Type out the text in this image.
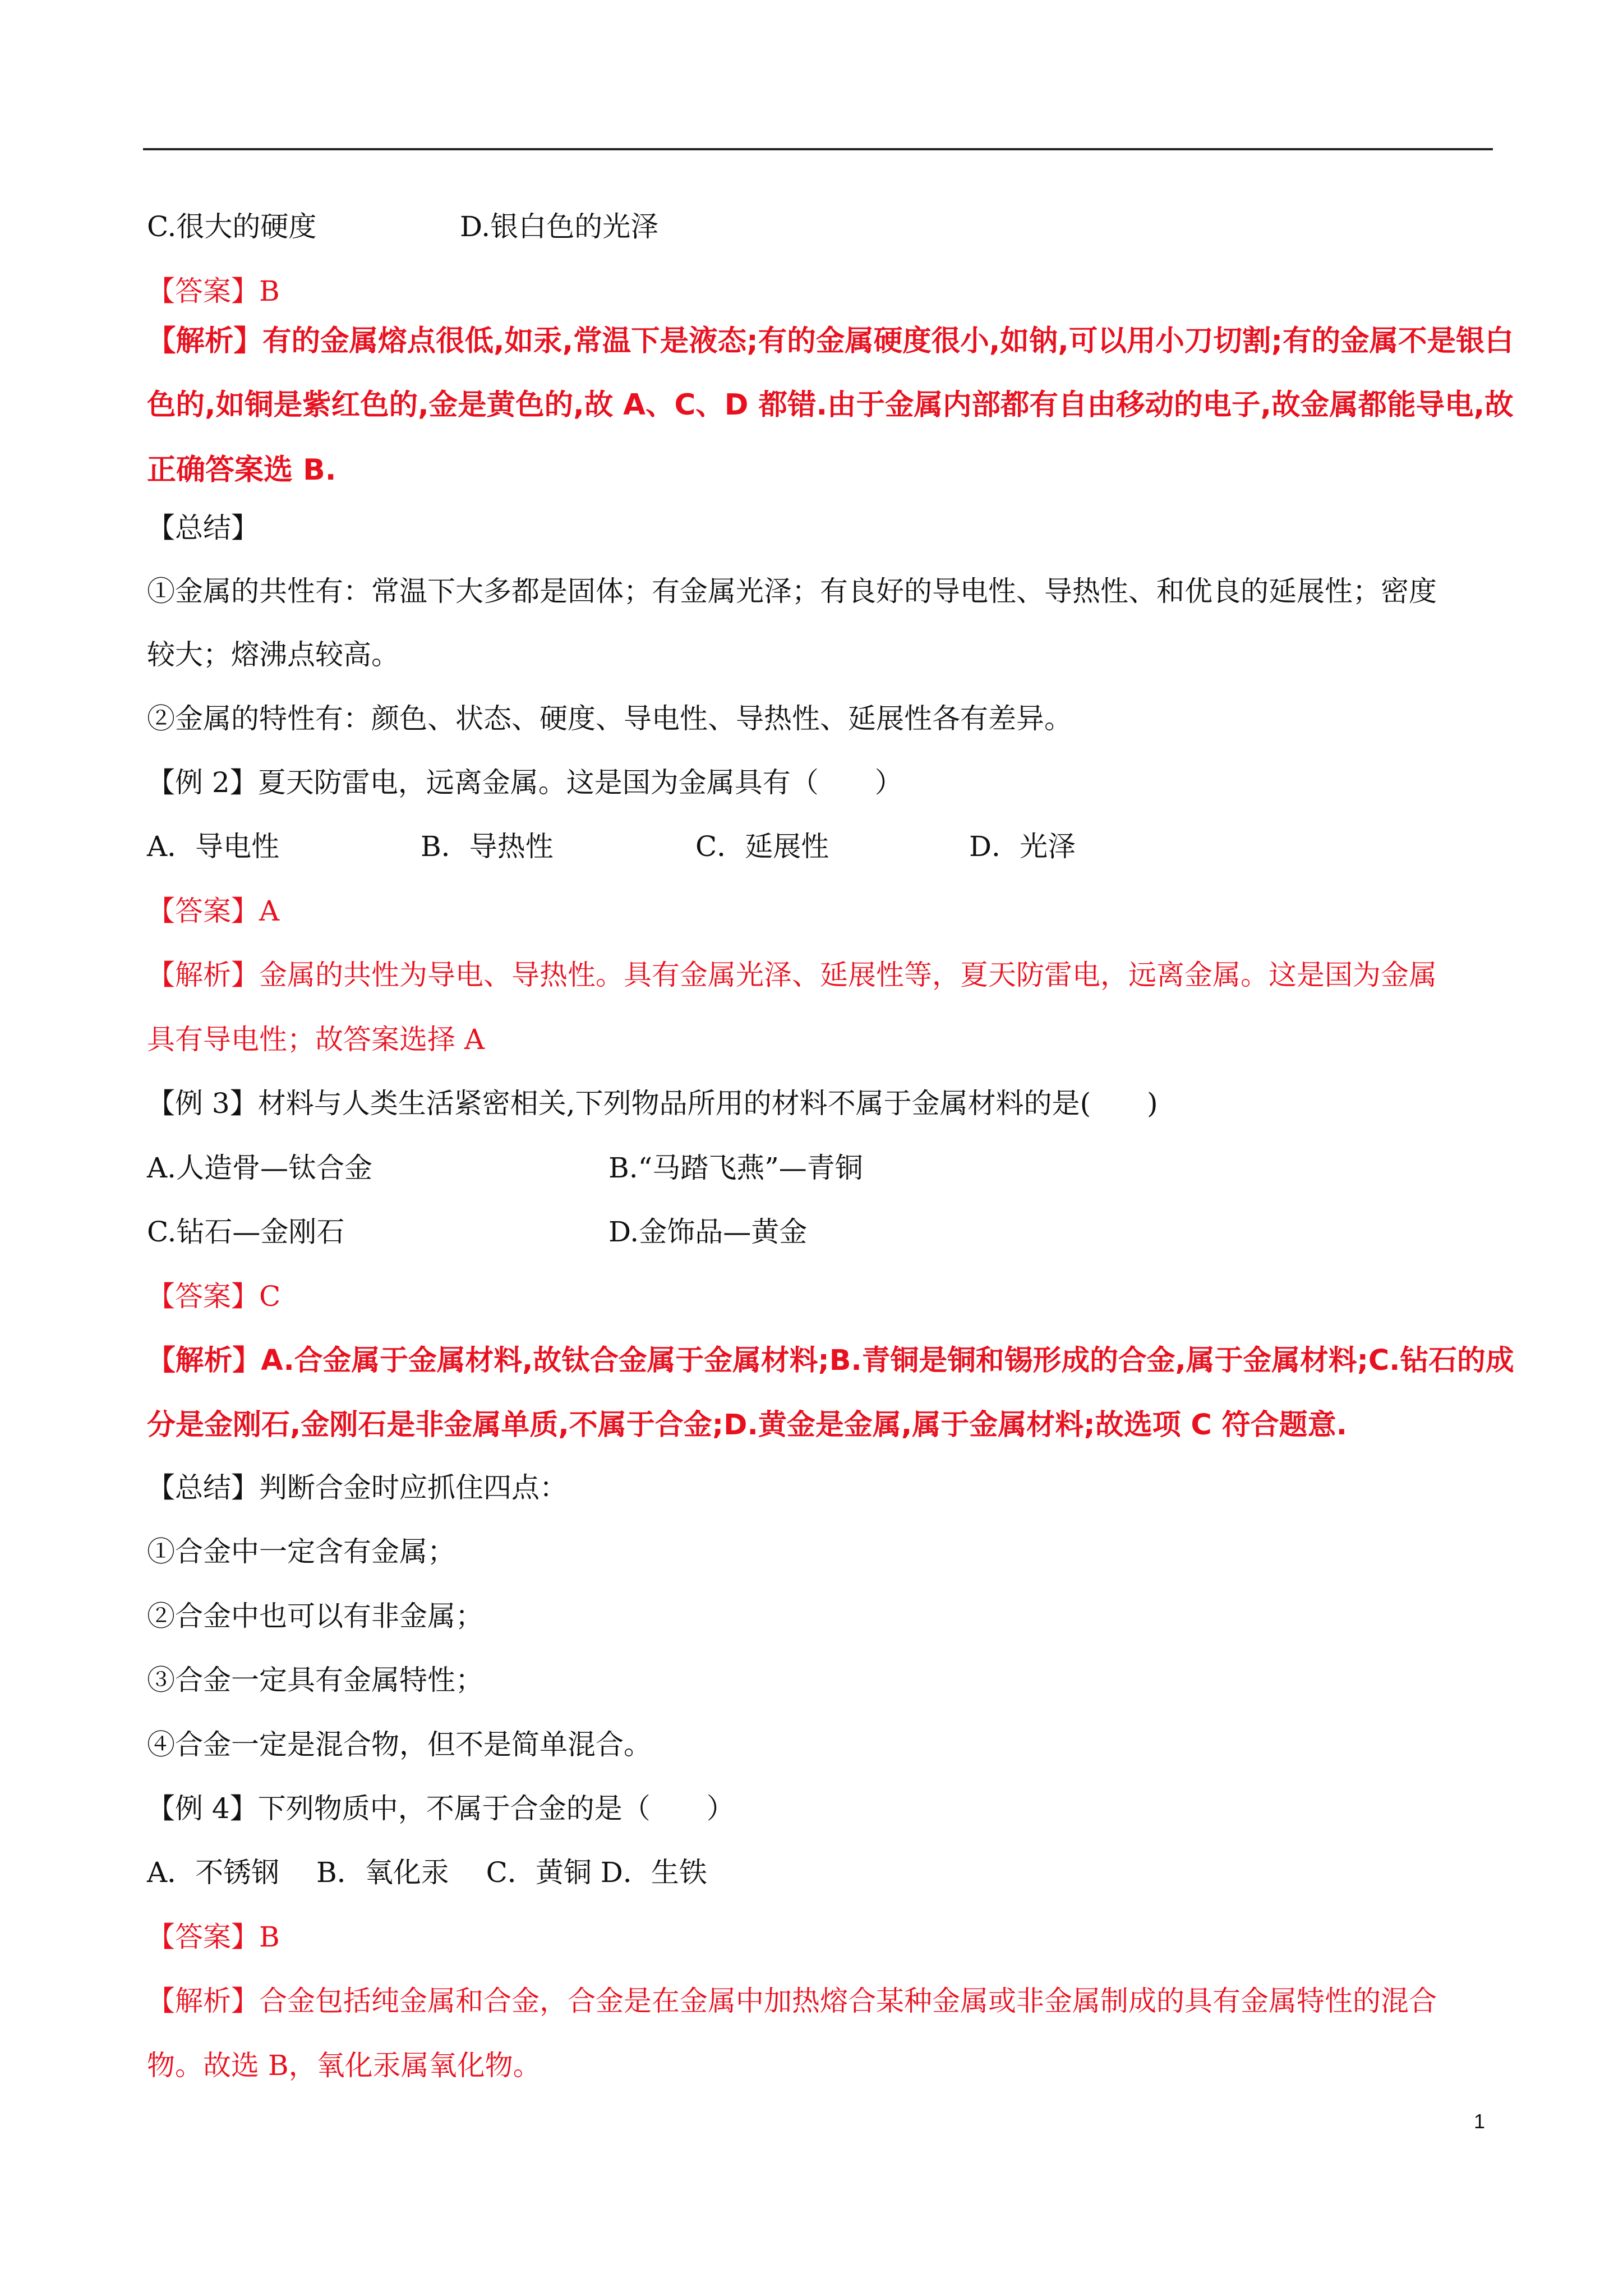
C.很大的硬度	D.银白色的光泽
【答案】B
【解析】有的金属熔点很低,如汞,常温下是液态;有的金属硬度很小,如钠,可以用小刀切割;有的金属不是银白
色的,如铜是紫红色的,金是黄色的,故 A、C、D 都错.由于金属内部都有自由移动的电子,故金属都能导电,故
正确答案选 B.
【总结】
①金属的共性有：常温下大多都是固体；有金属光泽；有良好的导电性、导热性、和优良的延展性；密度
较大；熔沸点较高。
②金属的特性有：颜色、状态、硬度、导电性、导热性、延展性各有差异。
【例 2】夏天防雷电，远离金属。这是国为金属具有（　　）
A．导电性	B．导热性	C．延展性	D．光泽
【答案】A
【解析】金属的共性为导电、导热性。具有金属光泽、延展性等，夏天防雷电，远离金属。这是国为金属
具有导电性；故答案选择 A
【例 3】材料与人类生活紧密相关,下列物品所用的材料不属于金属材料的是(　　)
A.人造骨—钛合金	B.“马踏飞燕”—青铜
C.钻石—金刚石	D.金饰品—黄金
【答案】C
【解析】A.合金属于金属材料,故钛合金属于金属材料;B.青铜是铜和锡形成的合金,属于金属材料;C.钻石的成
分是金刚石,金刚石是非金属单质,不属于合金;D.黄金是金属,属于金属材料;故选项 C 符合题意.
【总结】判断合金时应抓住四点：
①合金中一定含有金属；
②合金中也可以有非金属；
③合金一定具有金属特性；
④合金一定是混合物，但不是简单混合。
【例 4】下列物质中，不属于合金的是（　　）
A．不锈钢　 B．氧化汞　 C．黄铜 D．生铁
【答案】B
【解析】合金包括纯金属和合金，合金是在金属中加热熔合某种金属或非金属制成的具有金属特性的混合
物。故选 B，氧化汞属氧化物。
1
